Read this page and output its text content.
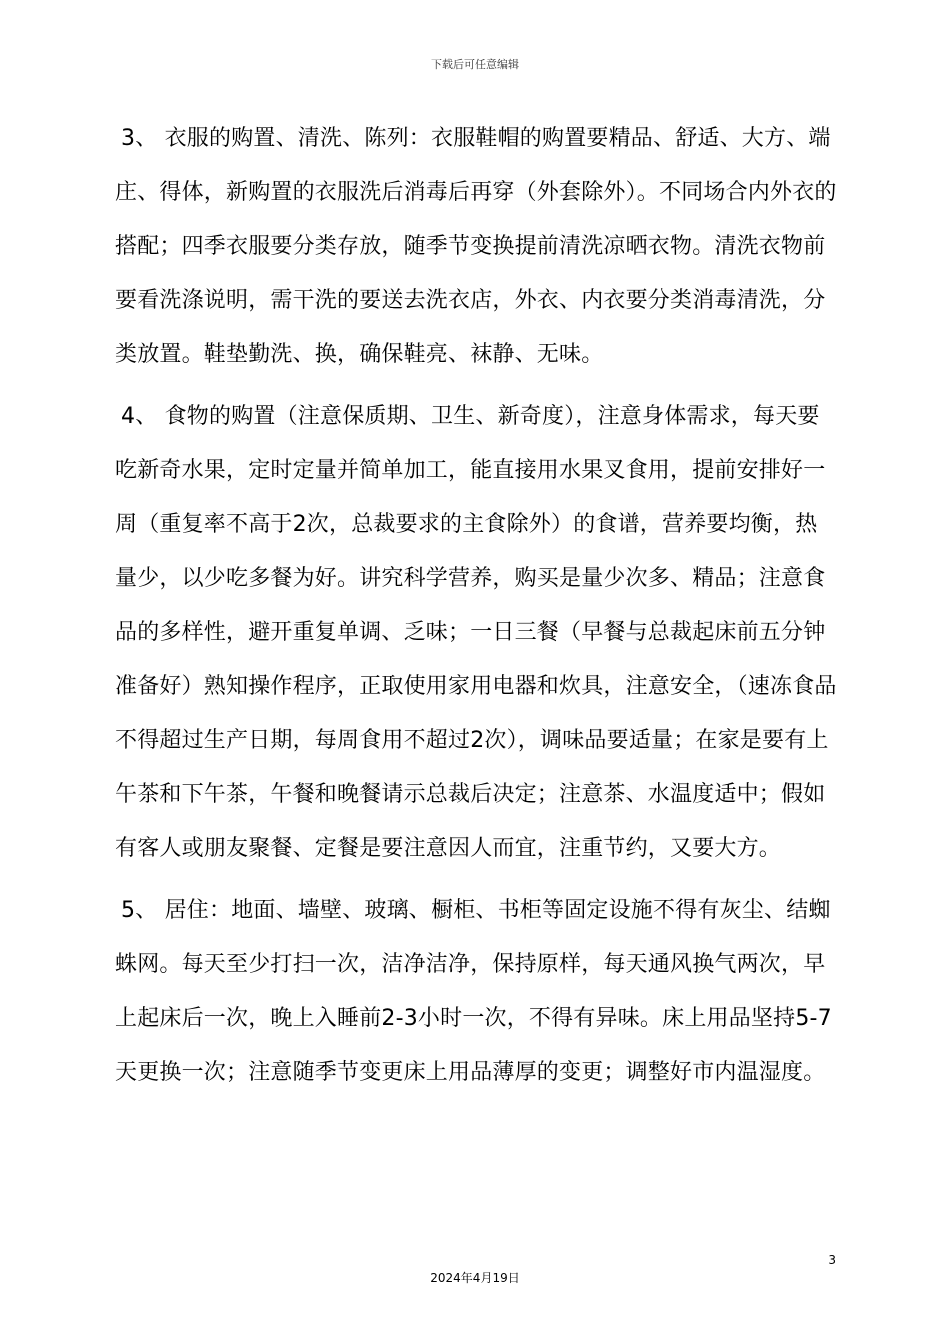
下载后可任意编辑

3、 衣服的购置、清洗、陈列：衣服鞋帽的购置要精品、舒适、大方、端庄、得体，新购置的衣服洗后消毒后再穿（外套除外）。不同场合内外衣的搭配；四季衣服要分类存放，随季节变换提前清洗凉晒衣物。清洗衣物前要看洗涤说明，需干洗的要送去洗衣店，外衣、内衣要分类消毒清洗，分类放置。鞋垫勤洗、换，确保鞋亮、袜静、无味。

4、 食物的购置（注意保质期、卫生、新奇度），注意身体需求，每天要吃新奇水果，定时定量并简单加工，能直接用水果叉食用，提前安排好一周（重复率不高于2次，总裁要求的主食除外）的食谱，营养要均衡，热量少，以少吃多餐为好。讲究科学营养，购买是量少次多、精品；注意食品的多样性，避开重复单调、乏味；一日三餐（早餐与总裁起床前五分钟准备好）熟知操作程序，正取使用家用电器和炊具，注意安全，（速冻食品不得超过生产日期，每周食用不超过2次），调味品要适量；在家是要有上午茶和下午茶，午餐和晚餐请示总裁后决定；注意茶、水温度适中；假如有客人或朋友聚餐、定餐是要注意因人而宜，注重节约，又要大方。

5、 居住：地面、墙壁、玻璃、橱柜、书柜等固定设施不得有灰尘、结蜘蛛网。每天至少打扫一次，洁净洁净，保持原样，每天通风换气两次，早上起床后一次，晚上入睡前2-3小时一次，不得有异味。床上用品坚持5-7天更换一次；注意随季节变更床上用品薄厚的变更；调整好市内温湿度。

3
2024年4月19日
